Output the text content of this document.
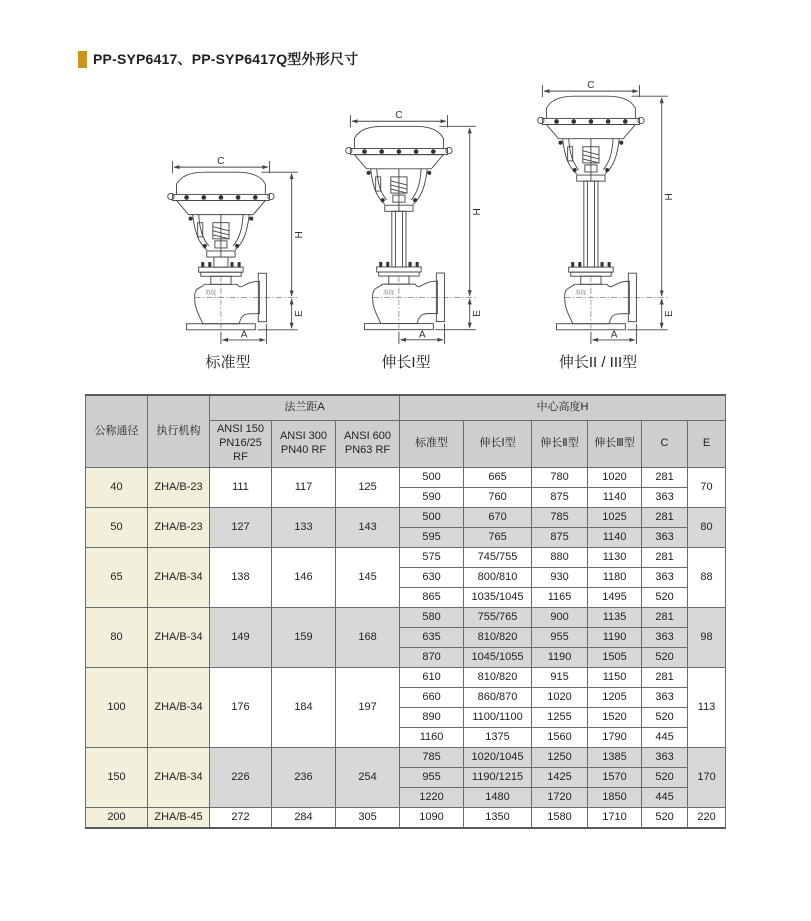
PP-SYP6417、PP-SYP6417Q型外形尺寸
C
苏仪
H
E
A
标准型
C
苏仪
H
E
A
伸长I型
C
苏仪
H
E
A
伸长II / III型
公称通径	执行机构	法兰距A			中心高度H					
		ANSI 150 PN16/25 RF	ANSI 300 PN40 RF	ANSI 600 PN63 RF	标准型	伸长Ⅰ型	伸长Ⅱ型	伸长Ⅲ型	C	E
40	ZHA/B-23	111	117	125	500	665	780	1020	281	70
					590	760	875	1140	363	
50	ZHA/B-23	127	133	143	500	670	785	1025	281	80
					595	765	875	1140	363	
65	ZHA/B-34	138	146	145	575	745/755	880	1130	281	88
					630	800/810	930	1180	363	
					865	1035/1045	1165	1495	520	
80	ZHA/B-34	149	159	168	580	755/765	900	1135	281	98
					635	810/820	955	1190	363	
					870	1045/1055	1190	1505	520	
100	ZHA/B-34	176	184	197	610	810/820	915	1150	281	113
					660	860/870	1020	1205	363	
					890	1100/1100	1255	1520	520	
					1160	1375	1560	1790	445	
150	ZHA/B-34	226	236	254	785	1020/1045	1250	1385	363	170
					955	1190/1215	1425	1570	520	
					1220	1480	1720	1850	445	
200	ZHA/B-45	272	284	305	1090	1350	1580	1710	520	220
